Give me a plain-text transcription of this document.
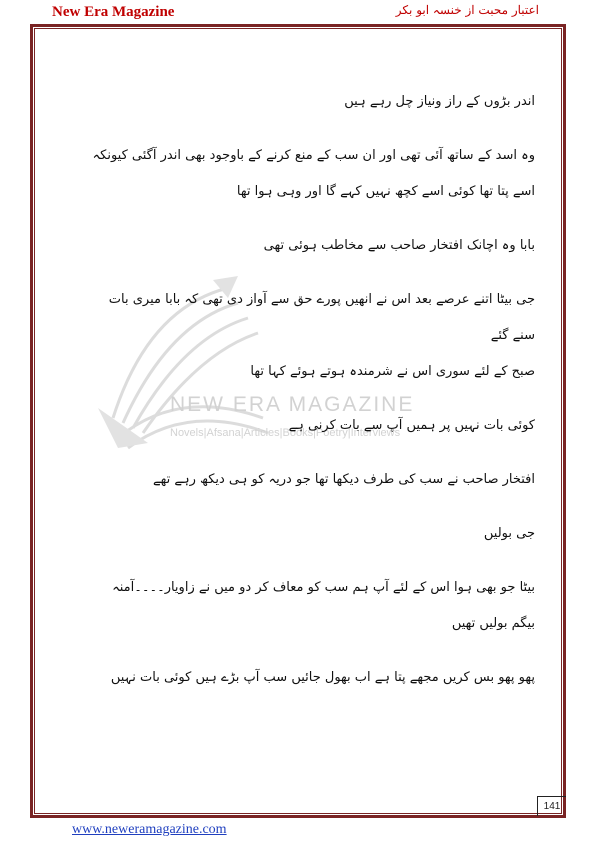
New Era Magazine	اعتبار محبت از خنسہ ابو بکر
NEW ERA MAGAZINE
Novels|Afsana|Articles|Books|Poetry|Interviews

اندر بڑوں کے راز ونیاز چل رہے ہیں

وہ اسد کے ساتھ آئی تھی اور ان سب کے منع کرنے کے باوجود بھی اندر آگئی کیونکہ
اسے پتا تھا کوئی اسے کچھ نہیں کہے گا اور وہی ہوا تھا

بابا وہ اچانک افتخار صاحب سے مخاطب ہوئی تھی

جی بیٹا اتنے عرصے بعد اس نے انھیں پورے حق سے آواز دی تھی کہ بابا میری بات
سنے گئے

صبح کے لئے سوری اس نے شرمندہ ہوتے ہوئے کہا تھا

کوئی بات نہیں پر ہمیں آپ سے بات کرنی ہے

افتخار صاحب نے سب کی طرف دیکھا تھا جو دریہ کو ہی دیکھ رہے تھے

جی بولیں

بیٹا جو بھی ہوا اس کے لئے آپ ہم سب کو معاف کر دو میں نے زاویار۔۔۔۔آمنہ
بیگم بولیں تھیں

پھو پھو بس کریں مجھے پتا ہے اب بھول جائیں سب آپ بڑے ہیں کوئی بات نہیں

141
www.neweramagazine.com
